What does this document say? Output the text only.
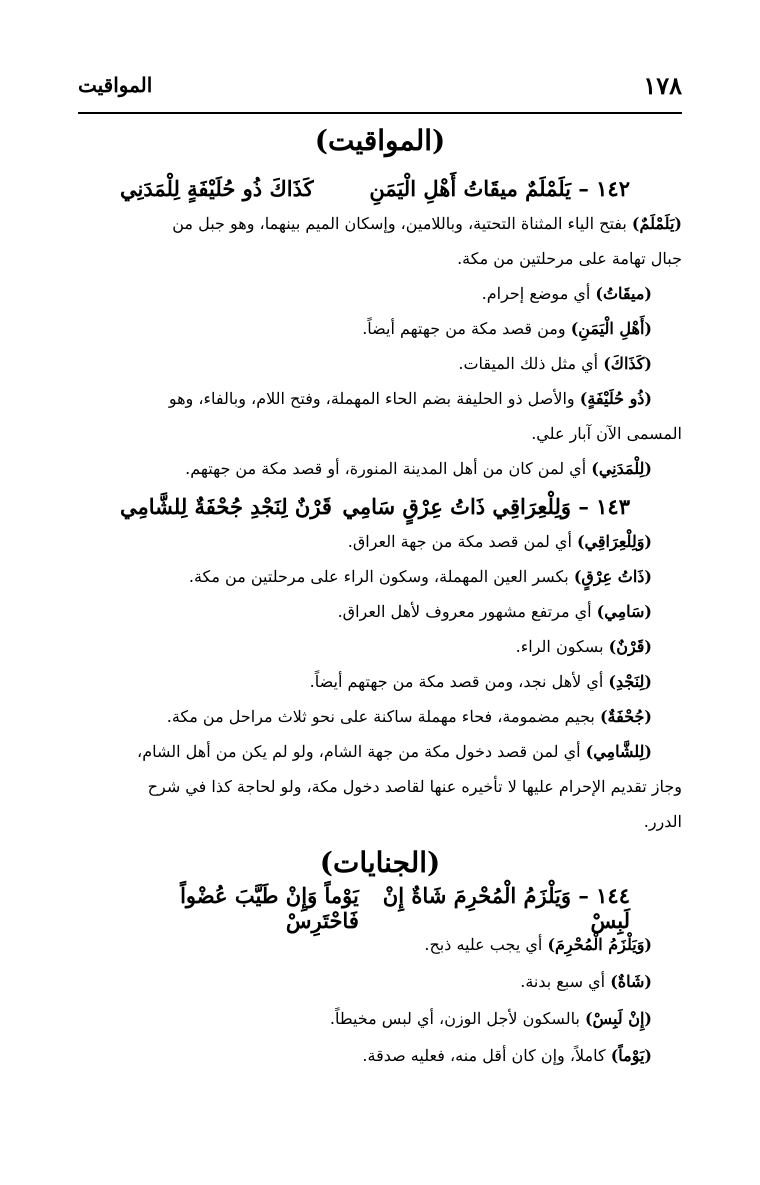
المواقيت	١٧٨
(المواقيت)
١٤٢ – يَلَمْلَمٌ ميقَاتُ أَهْلِ الْيَمَنِ
كَذَاكَ ذُو حُلَيْفَةٍ لِلْمَدَنِي
(يَلَمْلَمٌ) بفتح الياء المثناة التحتية، وباللامين، وإسكان الميم بينهما، وهو جبل من
جبال تهامة على مرحلتين من مكة.
(ميقَاتُ) أي موضع إحرام.
(أَهْلِ الْيَمَنِ) ومن قصد مكة من جهتهم أيضاً.
(كَذَاكَ) أي مثل ذلك الميقات.
(ذُو حُلَيْفَةٍ) والأصل ذو الحليفة بضم الحاء المهملة، وفتح اللام، وبالفاء، وهو
المسمى الآن آبار علي.
(لِلْمَدَنِي) أي لمن كان من أهل المدينة المنورة، أو قصد مكة من جهتهم.
١٤٣ – وَلِلْعِرَاقِي ذَاتُ عِرْقٍ سَامِي
قَرْنٌ لِنَجْدِ جُحْفَةٌ لِلشَّامِي
(وَلِلْعِرَاقِي) أي لمن قصد مكة من جهة العراق.
(ذَاتُ عِرْقٍ) بكسر العين المهملة، وسكون الراء على مرحلتين من مكة.
(سَامِي) أي مرتفع مشهور معروف لأهل العراق.
(قَرْنٌ) بسكون الراء.
(لِنَجْدِ) أي لأهل نجد، ومن قصد مكة من جهتهم أيضاً.
(جُحْفَةٌ) بجيم مضمومة، فحاء مهملة ساكنة على نحو ثلاث مراحل من مكة.
(لِلشَّامِي) أي لمن قصد دخول مكة من جهة الشام، ولو لم يكن من أهل الشام،
وجاز تقديم الإحرام عليها لا تأخيره عنها لقاصد دخول مكة، ولو لحاجة كذا في شرح
الدرر.
(الجنايات)
١٤٤ – وَيَلْزَمُ الْمُحْرِمَ شَاةٌ إِنْ لَبِسْ
يَوْماً وَإِنْ طَيَّبَ عُضْواً فَاحْتَرِسْ
(وَيَلْزَمُ الْمُحْرِمَ) أي يجب عليه ذبح.
(شَاةٌ) أي سبع بدنة.
(إِنْ لَبِسْ) بالسكون لأجل الوزن، أي لبس مخيطاً.
(يَوْماً) كاملاً، وإن كان أقل منه، فعليه صدقة.
